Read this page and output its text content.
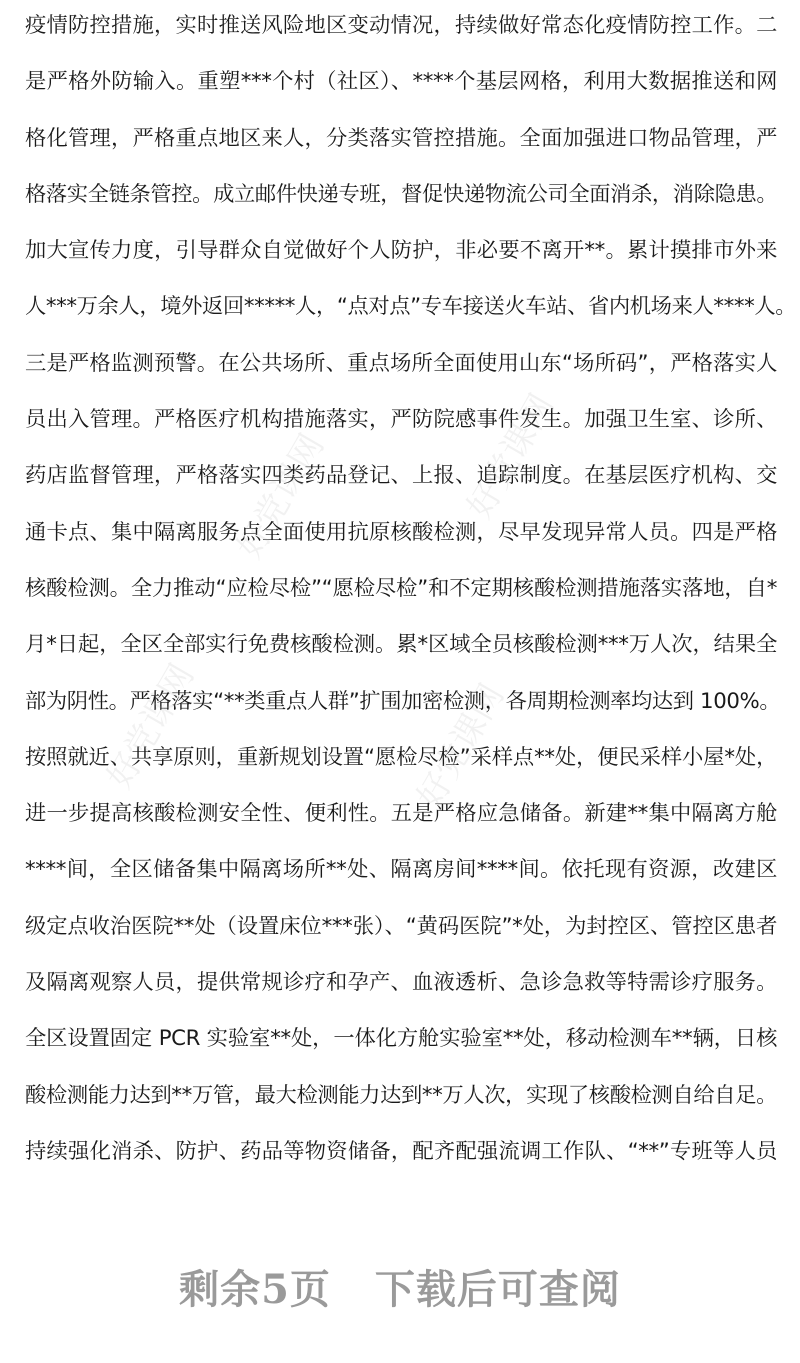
疫情防控措施，实时推送风险地区变动情况，持续做好常态化疫情防控工作。二
是严格外防输入。重塑***个村（社区）、****个基层网格，利用大数据推送和网
格化管理，严格重点地区来人，分类落实管控措施。全面加强进口物品管理，严
格落实全链条管控。成立邮件快递专班，督促快递物流公司全面消杀，消除隐患。
加大宣传力度，引导群众自觉做好个人防护，非必要不离开**。累计摸排市外来
人***万余人，境外返回*****人，“点对点”专车接送火车站、省内机场来人****人。
三是严格监测预警。在公共场所、重点场所全面使用山东“场所码”，严格落实人
员出入管理。严格医疗机构措施落实，严防院感事件发生。加强卫生室、诊所、
药店监督管理，严格落实四类药品登记、上报、追踪制度。在基层医疗机构、交
通卡点、集中隔离服务点全面使用抗原核酸检测，尽早发现异常人员。四是严格
核酸检测。全力推动“应检尽检”“愿检尽检”和不定期核酸检测措施落实落地，自*
月*日起，全区全部实行免费核酸检测。累*区域全员核酸检测***万人次，结果全
部为阴性。严格落实“**类重点人群”扩围加密检测，各周期检测率均达到 100%。
按照就近、共享原则，重新规划设置“愿检尽检”采样点**处，便民采样小屋*处，
进一步提高核酸检测安全性、便利性。五是严格应急储备。新建**集中隔离方舱
****间，全区储备集中隔离场所**处、隔离房间****间。依托现有资源，改建区
级定点收治医院**处（设置床位***张）、“黄码医院”*处，为封控区、管控区患者
及隔离观察人员，提供常规诊疗和孕产、血液透析、急诊急救等特需诊疗服务。
全区设置固定 PCR 实验室**处，一体化方舱实验室**处，移动检测车**辆，日核
酸检测能力达到**万管，最大检测能力达到**万人次，实现了核酸检测自给自足。
持续强化消杀、防护、药品等物资储备，配齐配强流调工作队、“**”专班等人员
好党课网	好党课网
好党课网	好党课网
剩余5页 下载后可查阅
